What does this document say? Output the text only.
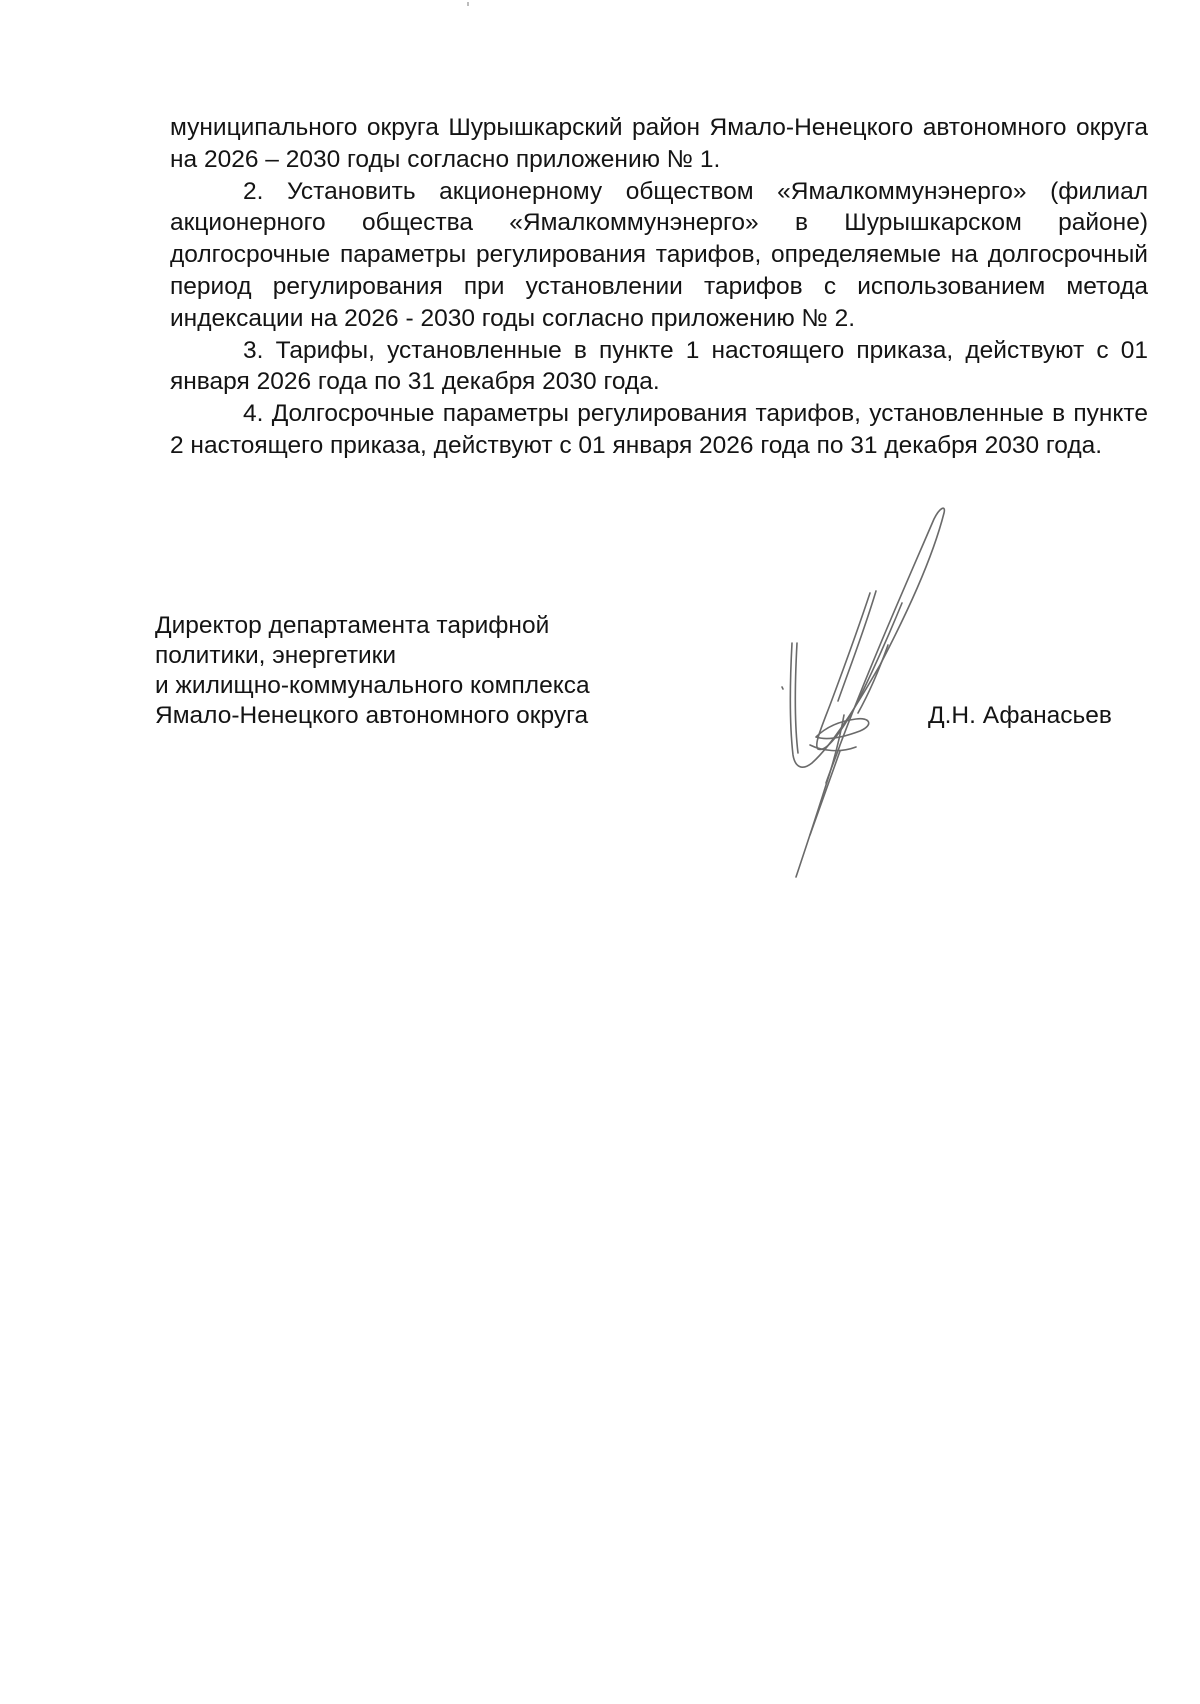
муниципального округа Шурышкарский район Ямало-Ненецкого автономного округа на 2026 – 2030 годы согласно приложению № 1.

2. Установить акционерному обществом «Ямалкоммунэнерго» (филиал акционерного общества «Ямалкоммунэнерго» в Шурышкарском районе) долгосрочные параметры регулирования тарифов, определяемые на долгосрочный период регулирования при установлении тарифов с использованием метода индексации на 2026 - 2030 годы согласно приложению № 2.

3. Тарифы, установленные в пункте 1 настоящего приказа, действуют с 01 января 2026 года по 31 декабря 2030 года.

4. Долгосрочные параметры регулирования тарифов, установленные в пункте 2 настоящего приказа, действуют с 01 января 2026 года по 31 декабря 2030 года.

Директор департамента тарифной
политики, энергетики
и жилищно-коммунального комплекса
Ямало-Ненецкого автономного округа	Д.Н. Афанасьев
